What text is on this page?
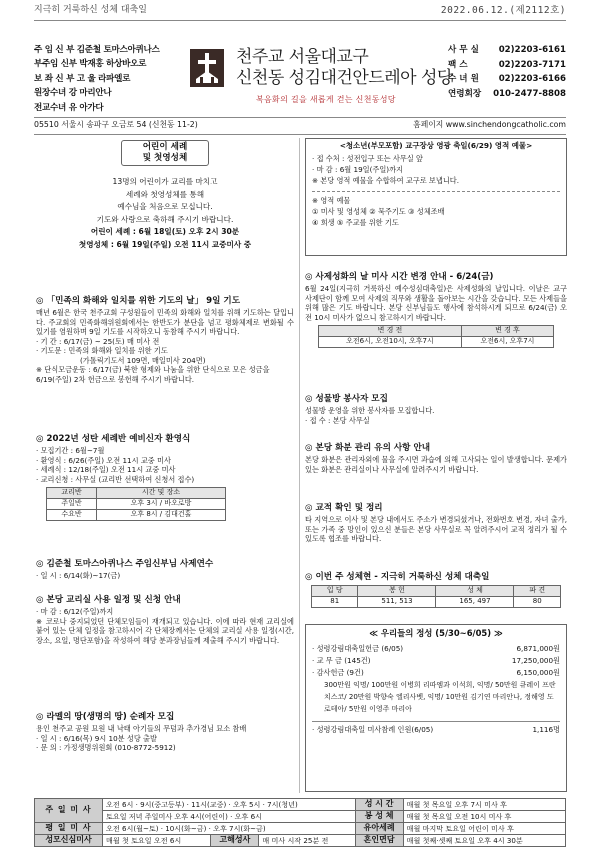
지극히 거룩하신 성체 대축일	2022.06.12.(제2112호)
주 임 신 부 김준철 토마스아퀴나스
부주임 신부 박재홍 하상바오로
보 좌 신 부 고 울 라파엘로
원장수녀 강 마리안나
전교수녀 유 아가다
천주교 서울대교구
신천동 성김대건안드레아 성당
복음화의 길을 새롭게 걷는 신천동성당
사 무 실 02)2203-6161
팩 스	02)2203-7171
수 녀 원 02)2203-6166
연령회장 010-2477-8808
05510 서울시 송파구 오금로 54 (신천동 11-2)	홈페이지 www.sinchendongcatholic.com
어린이 세례
및 첫영성체
13명의 어린이가 교리를 마치고
세례와 첫영성체를 통해
예수님을 처음으로 모십니다.
기도와 사랑으로 축하해 주시기 바랍니다.
어린이 세례 : 6월 18일(토) 오후 2시 30분
첫영성체 : 6월 19일(주일) 오전 11시 교중미사 중
◎ 「민족의 화해와 일치를 위한 기도의 날」 9일 기도
매년 6월은 한국 천주교회 구성원들이 민족의 화해와 일치를 위해 기도하는 달입니다. 주교회의 민족화해위원회에서는 한반도가 분단을 넘고 평화체제로 변화될 수 있기를 염원하며 9일 기도를 시작하오니 동참해 주시기 바랍니다.
· 기 간 : 6/17(금) ~ 25(토) 매 미사 전
· 기도문 : 민족의 화해와 일치를 위한 기도
(가톨릭기도서 109면, 매일미사 204면)
※ 단식모금운동 : 6/17(금) 북한 형제와 나눔을 위한 단식으로 모은 성금을 6/19(주일) 2차 헌금으로 봉헌해 주시기 바랍니다.
◎ 2022년 성탄 세례반 예비신자 환영식
· 모집기간 : 6월~7월
· 환영식 : 6/26(주일) 오전 11시 교중 미사
· 세례식 : 12/18(주일) 오전 11시 교중 미사
· 교리신청 : 사무실 (교리반 선택하여 신청서 접수)
교리반	시간 및 장소
주일반	오후 3시 / 바오로방
수요반	오후 8시 / 김대건홀
◎ 김준철 토마스아퀴나스 주임신부님 사제연수
· 일 시 : 6/14(화)~17(금)
◎ 본당 교리실 사용 일정 및 신청 안내
· 마 감 : 6/12(주일)까지
※ 코로나 중지되었던 단체모임들이 재개되고 있습니다. 이에 따라 현재 교리실에 붙어 있는 단체 일정을 참고하시어 각 단체장께서는 단체의 교리실 사용 일정(시간, 장소, 요일, 명단포함)을 작성하여 해당 분과장님들께 제출해 주시기 바랍니다.
◎ 라멜의 땅(생명의 땅) 순례자 모집
용인 천주교 공원 묘원 내 낙태 아기들의 무덤과 추가경님 묘소 참배
· 일 시 : 6/16(목) 9시 10분 성당 출발
· 문 의 : 가정생명위원회 (010-8772-5912)
<청소년(부모포함) 교구장상 영광 축일(6/29) 영적 예물>
· 접 수처 : 성전입구 또는 사무실 앞
· 마 감 : 6월 19일(주일)까지
※ 본당 영적 예물을 수합하여 교구로 보냅니다.
※ 영적 예물
① 미사 및 영성체 ② 묵주기도 ③ 성체조배
④ 희생 ⑤ 주교를 위한 기도
◎ 사제성화의 날 미사 시간 변경 안내 - 6/24(금)
6월 24일(지극히 거룩하신 예수성심대축일)은 사제성화의 날입니다. 이날은 교구 사제단이 함께 모여 사제의 직무와 생활을 돌아보는 시간을 갖습니다. 모든 사제들을 위해 많은 기도 바랍니다. 본당 신부님들도 행사에 참석하시게 되므로 6/24(금) 오전 10시 미사가 없으니 참고하시기 바랍니다.
변 경 전	변 경 후
오전6시, 오전10시, 오후7시	오전6시, 오후7시
◎ 성물방 봉사자 모집
성물방 운영을 위한 봉사자를 모집합니다.
· 접 수 : 본당 사무실
◎ 본당 화분 관리 유의 사항 안내
본당 화분은 관리자외에 물을 주시면 과습에 의해 고사되는 일이 발생합니다. 문제가 있는 화분은 관리실이나 사무실에 알려주시기 바랍니다.
◎ 교적 확인 및 정리
타 지역으로 이사 및 본당 내에서도 주소가 변경되셨거나, 전화번호 변경, 자녀 출가, 또는 가족 중 망인이 있으신 분들은 본당 사무실로 꼭 알려주시어 교적 정리가 될 수 있도록 협조를 바랍니다.
◎ 이번 주 성체현 - 지극히 거룩하신 성체 대축일
입 당	봉 헌	성 체	파 견
81	511, 513	165, 497	80
≪ 우리들의 정성 (5/30~6/05) ≫
· 성령강림대축일헌금 (6/05)	6,871,000원
· 교 무 금 (145건)	17,250,000원
· 감사헌금 (9건)	6,150,000원
300만원 익명/ 100만원 이병희 리따엠과 이석희, 익명/ 50만원 큐레이 프란치스코/ 20만원 박향숙 엘리사벳, 익명/ 10만원 김기연 마리안나, 정해영 도로테아/ 5만원 이영주 마리아
· 성령강림대축일 미사참례 인원(6/05)	1,116명
주 일 미 사	오전 6시 · 9시(중고등부) · 11시(교중) · 오후 5시 · 7시(청년)			성 시 간	매월 첫 목요일 오후 7시 미사 후
	토요일 저녁 주일미사 오후 4시(어린이) · 오후 6시			봉 성 체	매월 첫 목요일 오전 10시 미사 후
평 일 미 사	오전 6시(월~토) · 10시(화~금) · 오후 7시(화~금)			유아세례	매월 마지막 토요일 어린이 미사 후
성모신심미사	매월 첫 토요일 오전 6시	고해성사	매 미사 시작 25분 전	혼인면담	매월 첫째·셋째 토요일 오후 4시 30분
